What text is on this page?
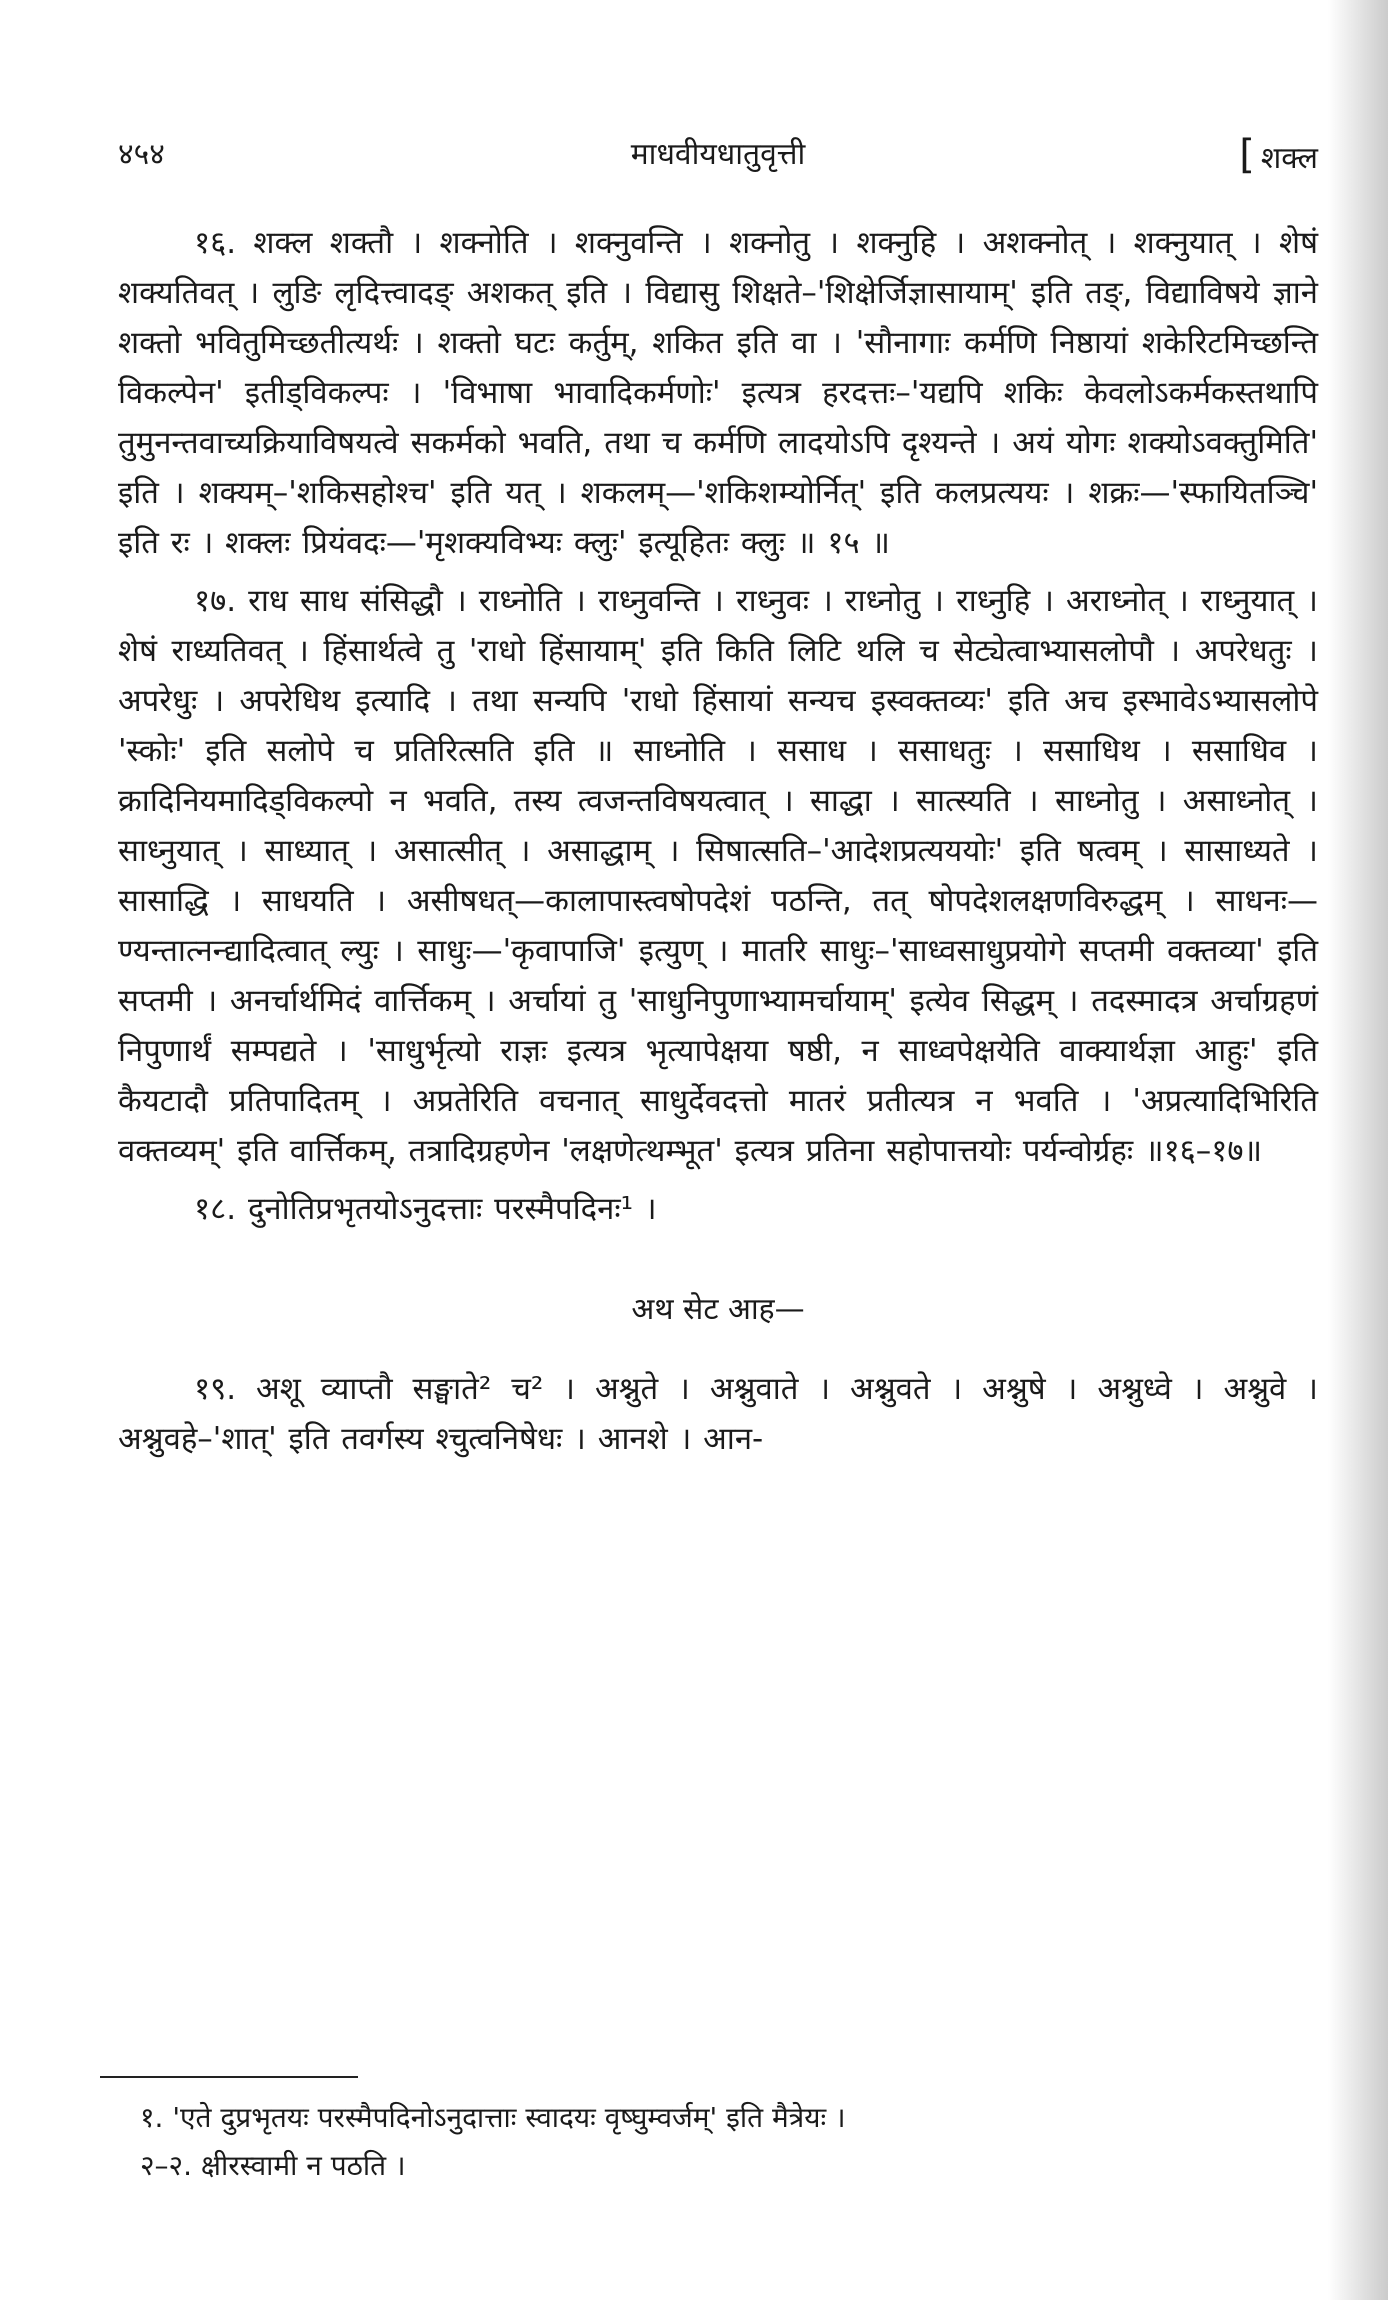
४५४	माधवीयधातुवृत्ती	[ शक्ल

१६. शक्ल शक्तौ । शक्नोति । शक्नुवन्ति । शक्नोतु । शक्नुहि । अशक्नोत् । शक्नुयात् । शेषं शक्यतिवत् । लुङि लृदित्त्वादङ् अशकत् इति । विद्यासु शिक्षते–'शिक्षेर्जिज्ञासायाम्' इति तङ्, विद्याविषये ज्ञाने शक्तो भवितुमिच्छतीत्यर्थः । शक्तो घटः कर्तुम्, शकित इति वा । 'सौनागाः कर्मणि निष्ठायां शकेरिटमिच्छन्ति विकल्पेन' इतीड्विकल्पः । 'विभाषा भावादिकर्मणोः' इत्यत्र हरदत्तः–'यद्यपि शकिः केवलोऽकर्मकस्तथापि तुमुनन्तवाच्यक्रियाविषयत्वे सकर्मको भवति, तथा च कर्मणि लादयोऽपि दृश्यन्ते । अयं योगः शक्योऽवक्तुमिति' इति । शक्यम्–'शकिसहोश्च' इति यत् । शकलम्—'शकिशम्योर्नित्' इति कलप्रत्ययः । शक्रः—'स्फायितञ्चि' इति रः । शक्लः प्रियंवदः—'मृशक्यविभ्यः क्लुः' इत्यूहितः क्लुः ॥ १५ ॥

१७. राध साध संसिद्धौ । राध्नोति । राध्नुवन्ति । राध्नुवः । राध्नोतु । राध्नुहि । अराध्नोत् । राध्नुयात् । शेषं राध्यतिवत् । हिंसार्थत्वे तु 'राधो हिंसायाम्' इति किति लिटि थलि च सेट्येत्वाभ्यासलोपौ । अपरेधतुः । अपरेधुः । अपरेधिथ इत्यादि । तथा सन्यपि 'राधो हिंसायां सन्यच इस्वक्तव्यः' इति अच इस्भावेऽभ्यासलोपे 'स्कोः' इति सलोपे च प्रतिरित्सति इति ॥ साध्नोति । ससाध । ससाधतुः । ससाधिथ । ससाधिव । क्रादिनियमादिड्विकल्पो न भवति, तस्य त्वजन्तविषयत्वात् । साद्धा । सात्स्यति । साध्नोतु । असाध्नोत् । साध्नुयात् । साध्यात् । असात्सीत् । असाद्धाम् । सिषात्सति–'आदेशप्रत्यययोः' इति षत्वम् । सासाध्यते । सासाद्धि । साधयति । असीषधत्—कालापास्त्वषोपदेशं पठन्ति, तत् षोपदेशलक्षणविरुद्धम् । साधनः—ण्यन्तात्नन्द्यादित्वात् ल्युः । साधुः—'कृवापाजि' इत्युण् । मातरि साधुः–'साध्वसाधुप्रयोगे सप्तमी वक्तव्या' इति सप्तमी । अनर्चार्थमिदं वार्त्तिकम् । अर्चायां तु 'साधुनिपुणाभ्यामर्चायाम्' इत्येव सिद्धम् । तदस्मादत्र अर्चाग्रहणं निपुणार्थं सम्पद्यते । 'साधुर्भृत्यो राज्ञः इत्यत्र भृत्यापेक्षया षष्ठी, न साध्वपेक्षयेति वाक्यार्थज्ञा आहुः' इति कैयटादौ प्रतिपादितम् । अप्रतेरिति वचनात् साधुर्देवदत्तो मातरं प्रतीत्यत्र न भवति । 'अप्रत्यादिभिरिति वक्तव्यम्' इति वार्त्तिकम्, तत्रादिग्रहणेन 'लक्षणेत्थम्भूत' इत्यत्र प्रतिना सहोपात्तयोः पर्यन्वोर्ग्रहः ॥१६–१७॥

१८. दुनोतिप्रभृतयोऽनुदत्ताः परस्मैपदिनः¹ ।

अथ सेट आह—

१९. अशू व्याप्तौ सङ्घाते² च² । अश्नुते । अश्नुवाते । अश्नुवते । अश्नुषे । अश्नुध्वे । अश्नुवे । अश्नुवहे–'शात्' इति तवर्गस्य श्चुत्वनिषेधः । आनशे । आन-

१. 'एते दुप्रभृतयः परस्मैपदिनोऽनुदात्ताः स्वादयः वृष्घुम्वर्जम्' इति मैत्रेयः ।

२–२. क्षीरस्वामी न पठति ।
